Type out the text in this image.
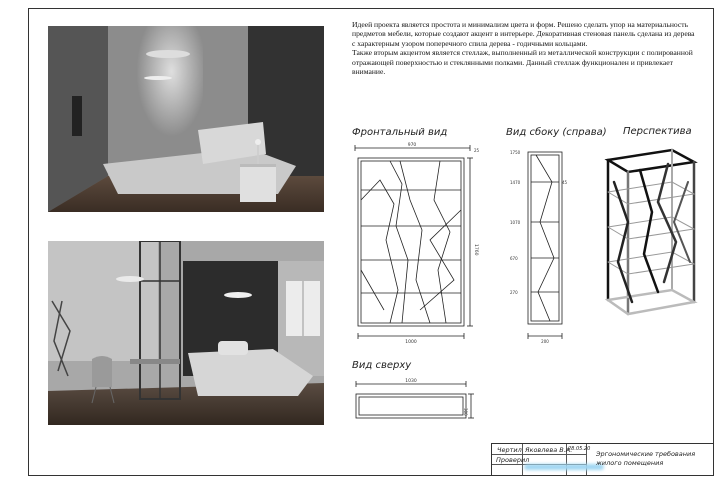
Идеей проекта является простота и минимализм цвета и форм. Решено сделать упор на материальность предметов мебели, которые создают акцент в интерьере. Декоративная стеновая панель сделана из дерева с характерным узором поперечного спила дерева - годичными кольцами.

Также вторым акцентом является стеллаж, выполненный из металлической конструкции с полированной отражающей поверхностью и стеклянными полками. Данный стеллаж функционален и привлекает внимание.

Фронтальный вид	Вид сбоку (справа) Перспектива
Вид сверху
970
25
1760
1000
1750
1470
1070
670
270
45
200
1030
300
Чертил Яковлева В.А.
28.05.20
Проверил
Эргономические требования
жилого помещения
